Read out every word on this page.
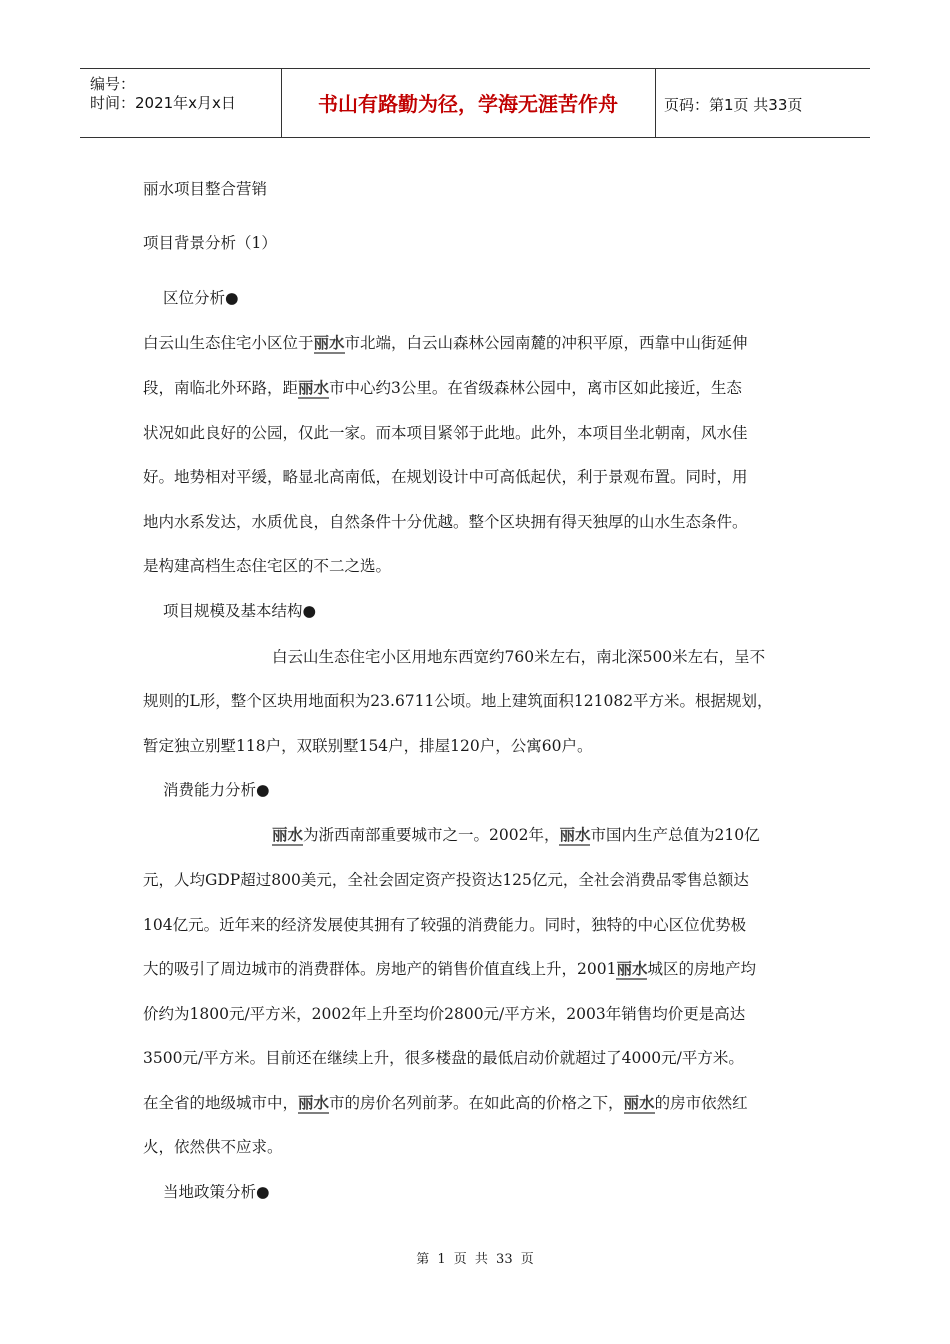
编号：
时间：2021年x月x日	书山有路勤为径，学海无涯苦作舟	页码：第1页 共33页
丽水项目整合营销
项目背景分析（1）
区位分析●
白云山生态住宅小区位于丽水市北端，白云山森林公园南麓的冲积平原，西靠中山街延伸
段，南临北外环路，距丽水市中心约3公里。在省级森林公园中，离市区如此接近，生态
状况如此良好的公园，仅此一家。而本项目紧邻于此地。此外，本项目坐北朝南，风水佳
好。地势相对平缓，略显北高南低，在规划设计中可高低起伏，利于景观布置。同时，用
地内水系发达，水质优良，自然条件十分优越。整个区块拥有得天独厚的山水生态条件。
是构建高档生态住宅区的不二之选。
项目规模及基本结构●
白云山生态住宅小区用地东西宽约760米左右，南北深500米左右，呈不
规则的L形，整个区块用地面积为23.6711公顷。地上建筑面积121082平方米。根据规划，
暂定独立别墅118户，双联别墅154户，排屋120户，公寓60户。
消费能力分析●
丽水为浙西南部重要城市之一。2002年，丽水市国内生产总值为210亿
元，人均GDP超过800美元，全社会固定资产投资达125亿元，全社会消费品零售总额达
104亿元。近年来的经济发展使其拥有了较强的消费能力。同时，独特的中心区位优势极
大的吸引了周边城市的消费群体。房地产的销售价值直线上升，2001丽水城区的房地产均
价约为1800元/平方米，2002年上升至均价2800元/平方米，2003年销售均价更是高达
3500元/平方米。目前还在继续上升，很多楼盘的最低启动价就超过了4000元/平方米。
在全省的地级城市中，丽水市的房价名列前茅。在如此高的价格之下，丽水的房市依然红
火，依然供不应求。
当地政策分析●
第 1 页 共 33 页
